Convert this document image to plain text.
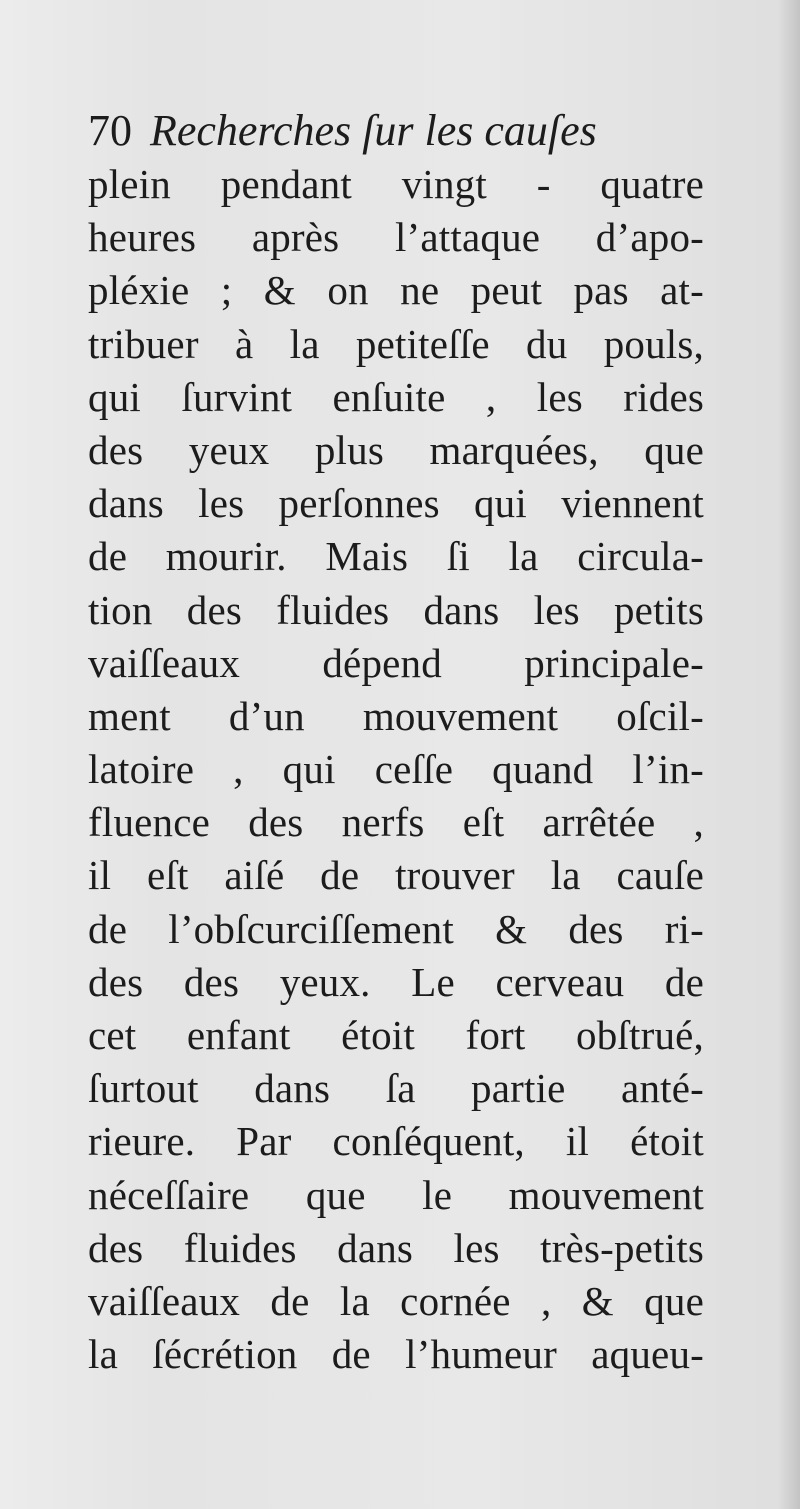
70 Recherches ſur les cauſes
plein pendant vingt - quatre
heures après l’attaque d’apo-
pléxie ; & on ne peut pas at-
tribuer à la petiteſſe du pouls,
qui ſurvint enſuite , les rides
des yeux plus marquées, que
dans les perſonnes qui viennent
de mourir. Mais ſi la circula-
tion des fluides dans les petits
vaiſſeaux dépend principale-
ment d’un mouvement oſcil-
latoire , qui ceſſe quand l’in-
fluence des nerfs eſt arrêtée ,
il eſt aiſé de trouver la cauſe
de l’obſcurciſſement & des ri-
des des yeux. Le cerveau de
cet enfant étoit fort obſtrué,
ſurtout dans ſa partie anté-
rieure. Par conſéquent, il étoit
néceſſaire que le mouvement
des fluides dans les très-petits
vaiſſeaux de la cornée , & que
la ſécrétion de l’humeur aqueu-
